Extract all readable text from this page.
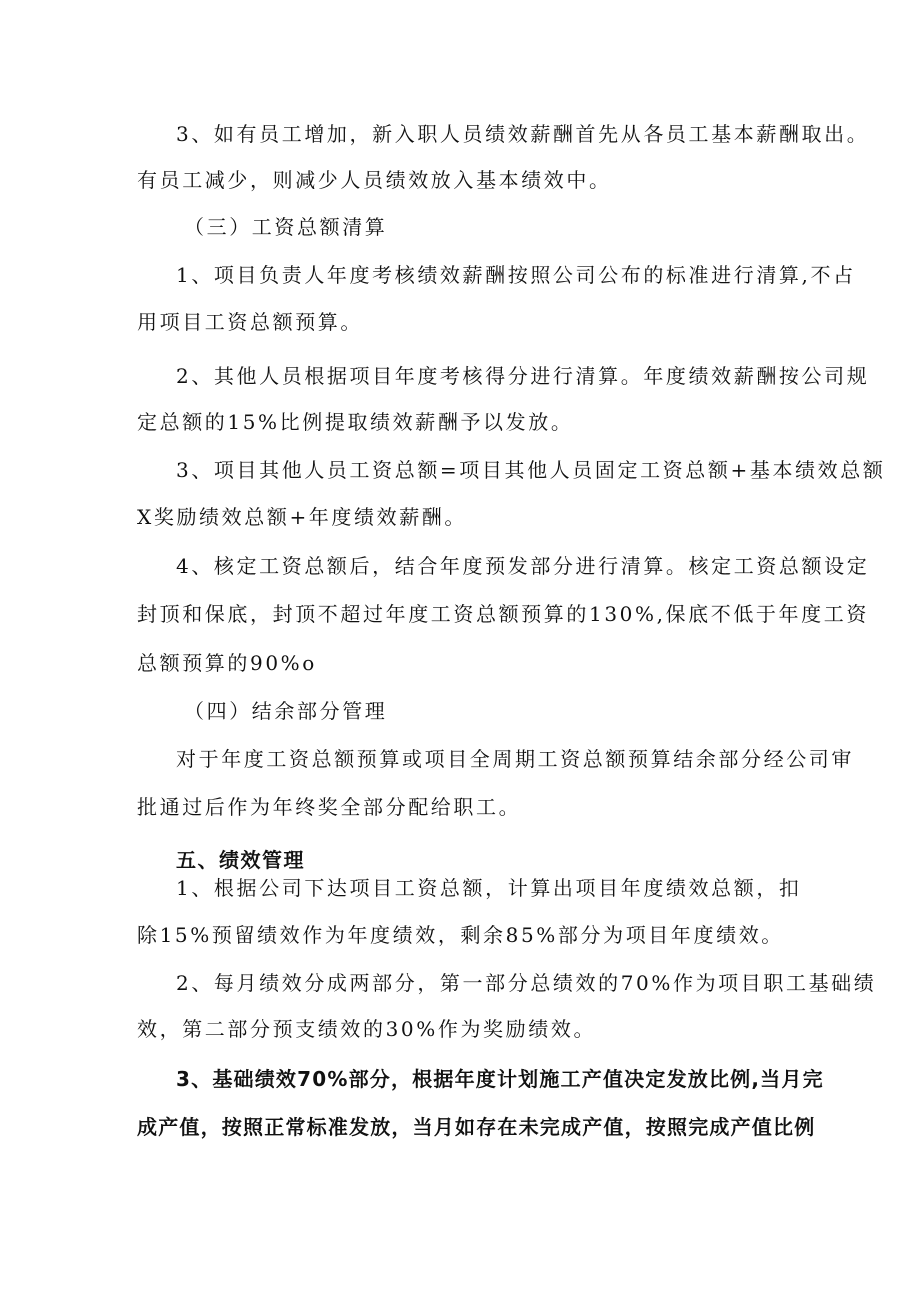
3、如有员工增加，新入职人员绩效薪酬首先从各员工基本薪酬取出。
有员工减少，则减少人员绩效放入基本绩效中。
（三）工资总额清算
1、项目负责人年度考核绩效薪酬按照公司公布的标准进行清算,不占
用项目工资总额预算。
2、其他人员根据项目年度考核得分进行清算。年度绩效薪酬按公司规
定总额的15%比例提取绩效薪酬予以发放。
3、项目其他人员工资总额=项目其他人员固定工资总额+基本绩效总额
X奖励绩效总额+年度绩效薪酬。
4、核定工资总额后，结合年度预发部分进行清算。核定工资总额设定
封顶和保底，封顶不超过年度工资总额预算的130%,保底不低于年度工资
总额预算的90%o
（四）结余部分管理
对于年度工资总额预算或项目全周期工资总额预算结余部分经公司审
批通过后作为年终奖全部分配给职工。
五、绩效管理
1、根据公司下达项目工资总额，计算出项目年度绩效总额，扣
除15%预留绩效作为年度绩效，剩余85%部分为项目年度绩效。
2、每月绩效分成两部分，第一部分总绩效的70%作为项目职工基础绩
效，第二部分预支绩效的30%作为奖励绩效。
3、基础绩效70%部分，根据年度计划施工产值决定发放比例,当月完
成产值，按照正常标准发放，当月如存在未完成产值，按照完成产值比例
